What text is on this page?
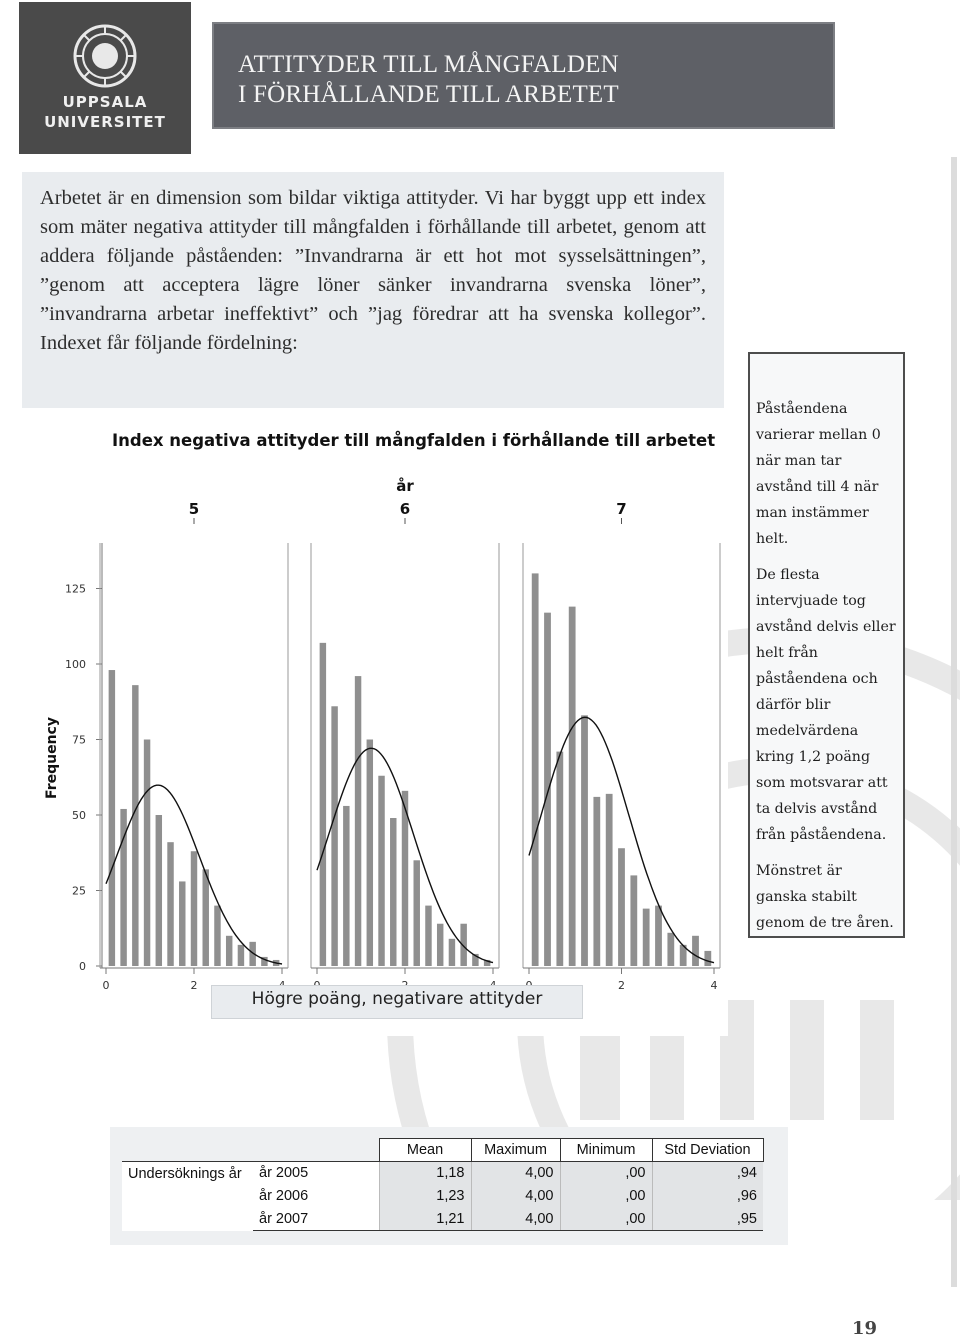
UPPSALA
UNIVERSITET
ATTITYDER TILL MÅNGFALDEN
I FÖRHÅLLANDE TILL ARBETET

Arbetet är en dimension som bildar viktiga attityder. Vi har byggt upp ett index som mäter negativa attityder till mångfalden i förhållande till arbetet, genom att addera följande påståenden: ”Invandrarna är ett hot mot sysselsättningen”, ”genom att acceptera lägre löner sänker invandrarna svenska löner”, ”invandrarna arbetar ineffektivt” och ”jag föredrar att ha svenska kollegor”. Indexet får följande fördelning:

Index negativa attityder till mångfalden i förhållande till arbetet
år
Frequency
0
25
50
75
100
125
5
0	2
6	7
2	4
Högre poäng, negativare attityder

Påståendena varierar mellan 0 när man tar avstånd till 4 när man instämmer helt.

De flesta intervjuade tog avstånd delvis eller helt från påståendena och därför blir medelvärdena kring 1,2 poäng som motsvarar att ta delvis avstånd från påståendena.

Mönstret är ganska stabilt genom de tre åren.

		Mean	Maximum	Minimum	Std Deviation
Undersöknings år	år 2005	1,18	4,00	,00	,94
	år 2006	1,23	4,00	,00	,96
	år 2007	1,21	4,00	,00	,95
19
